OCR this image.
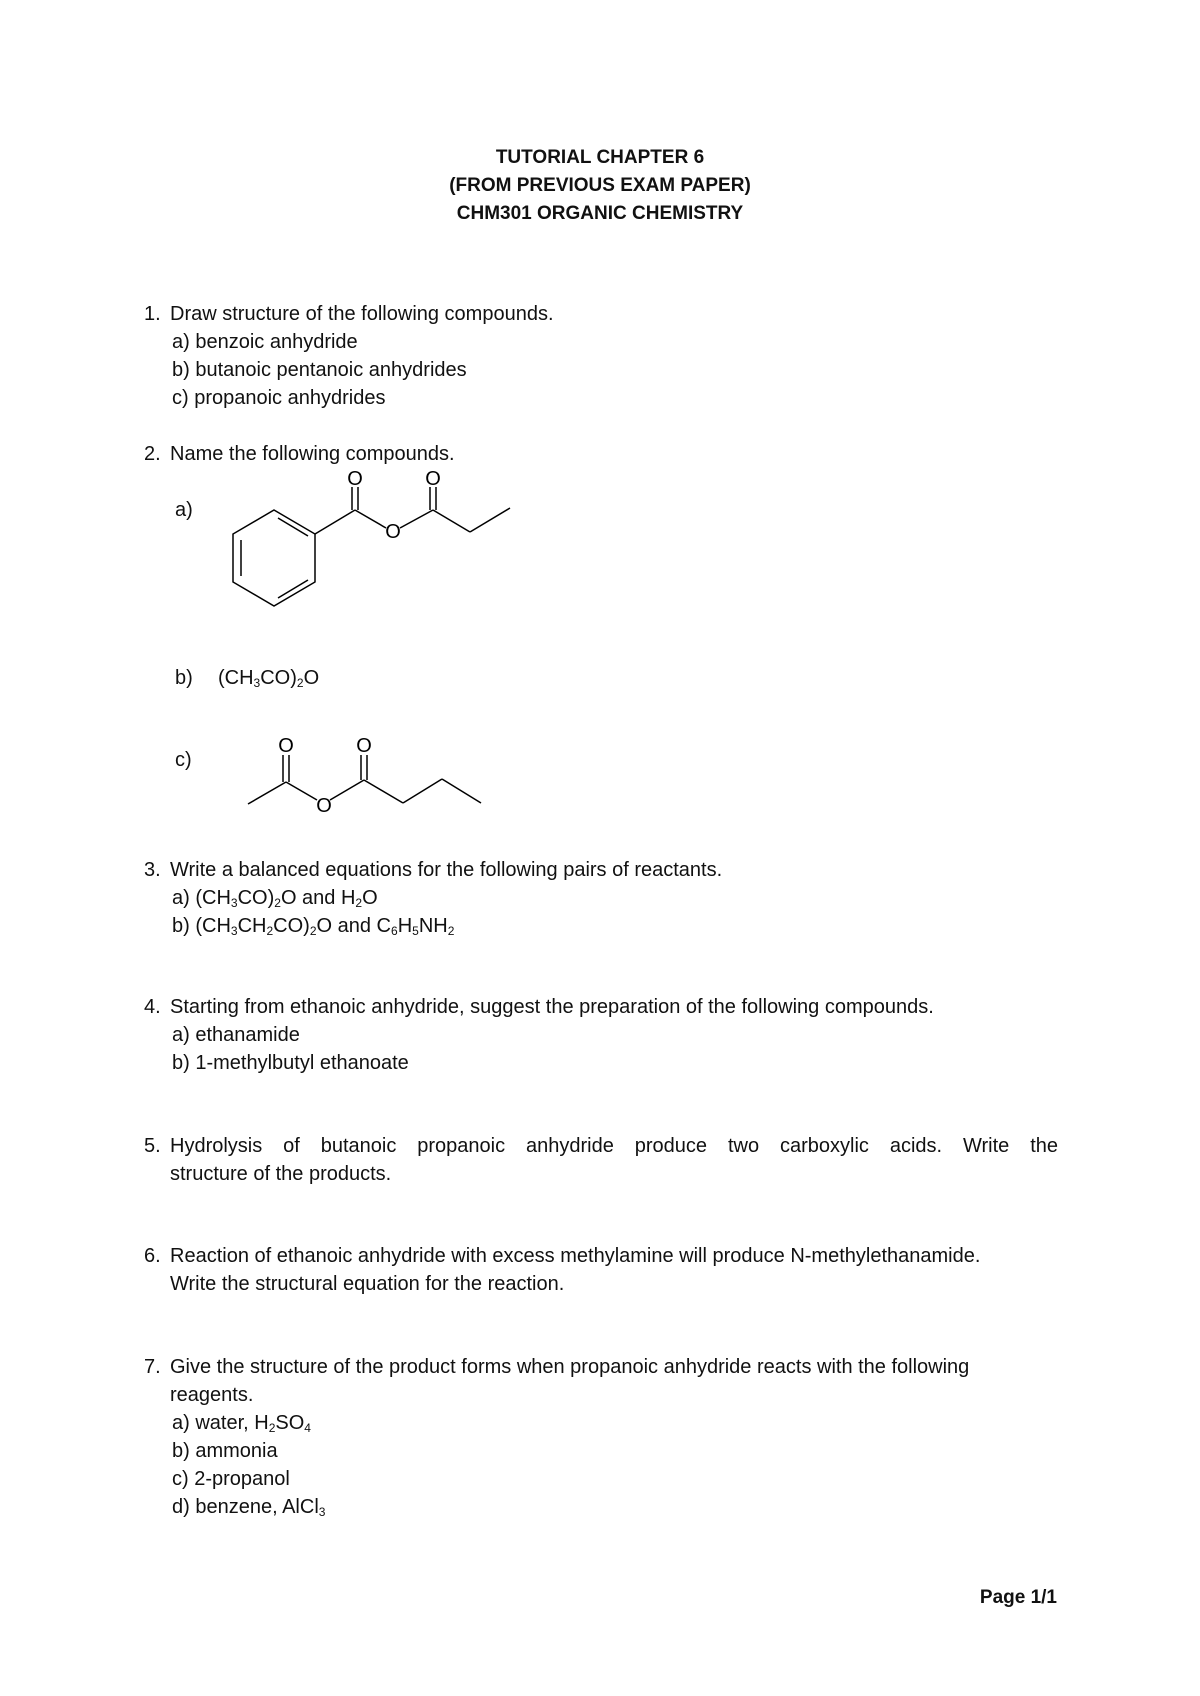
TUTORIAL CHAPTER 6
(FROM PREVIOUS EXAM PAPER)
CHM301 ORGANIC CHEMISTRY
1. Draw structure of the following compounds.
a) benzoic anhydride
b) butanoic pentanoic anhydrides
c) propanoic anhydrides
2. Name the following compounds.
a)
O	O
O
b) $(CH_3CO)_2O$
c)
O	O
O
3. Write a balanced equations for the following pairs of reactants.
a) $(CH_3CO)_2O$ and $H_2O$
b) $(CH_3CH_2CO)_2O$ and $C_6H_5NH_2$
4. Starting from ethanoic anhydride, suggest the preparation of the following compounds.
a) ethanamide
b) 1-methylbutyl ethanoate
5. Hydrolysis of butanoic propanoic anhydride produce two carboxylic acids. Write the
structure of the products.
6. Reaction of ethanoic anhydride with excess methylamine will produce N-methylethanamide.
Write the structural equation for the reaction.
7. Give the structure of the product forms when propanoic anhydride reacts with the following
reagents.
a) water, $H_2SO_4$
b) ammonia
c) 2-propanol
d) benzene, AlCl$_3$
Page 1/1
